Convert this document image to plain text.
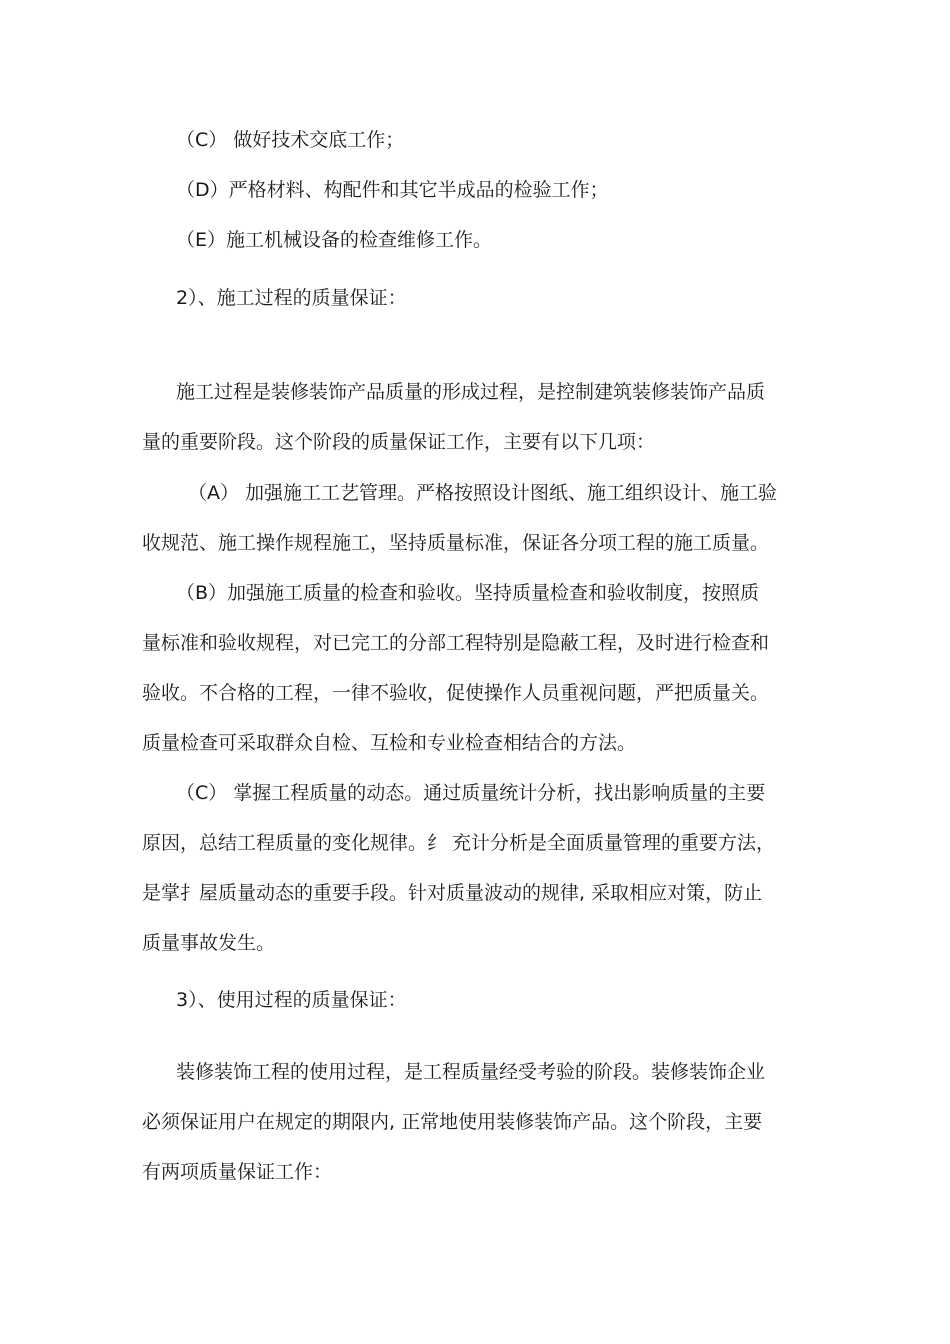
（C） 做好技术交底工作；
（D）严格材料、构配件和其它半成品的检验工作；
（E）施工机械设备的检查维修工作。
2）、施工过程的质量保证：
施工过程是装修装饰产品质量的形成过程，是控制建筑装修装饰产品质
量的重要阶段。这个阶段的质量保证工作，主要有以下几项：
（A） 加强施工工艺管理。严格按照设计图纸、施工组织设计、施工验
收规范、施工操作规程施工，坚持质量标准，保证各分项工程的施工质量。
（B）加强施工质量的检查和验收。坚持质量检查和验收制度，按照质
量标准和验收规程，对已完工的分部工程特别是隐蔽工程，及时进行检查和
验收。不合格的工程，一律不验收，促使操作人员重视问题，严把质量关。
质量检查可采取群众自检、互检和专业检查相结合的方法。
（C） 掌握工程质量的动态。通过质量统计分析，找出影响质量的主要
原因，总结工程质量的变化规律。纟 充计分析是全面质量管理的重要方法，
是掌扌屋质量动态的重要手段。针对质量波动的规律, 采取相应对策，防止
质量事故发生。
3）、使用过程的质量保证：
装修装饰工程的使用过程，是工程质量经受考验的阶段。装修装饰企业
必须保证用户在规定的期限内, 正常地使用装修装饰产品。这个阶段，主要
有两项质量保证工作：
